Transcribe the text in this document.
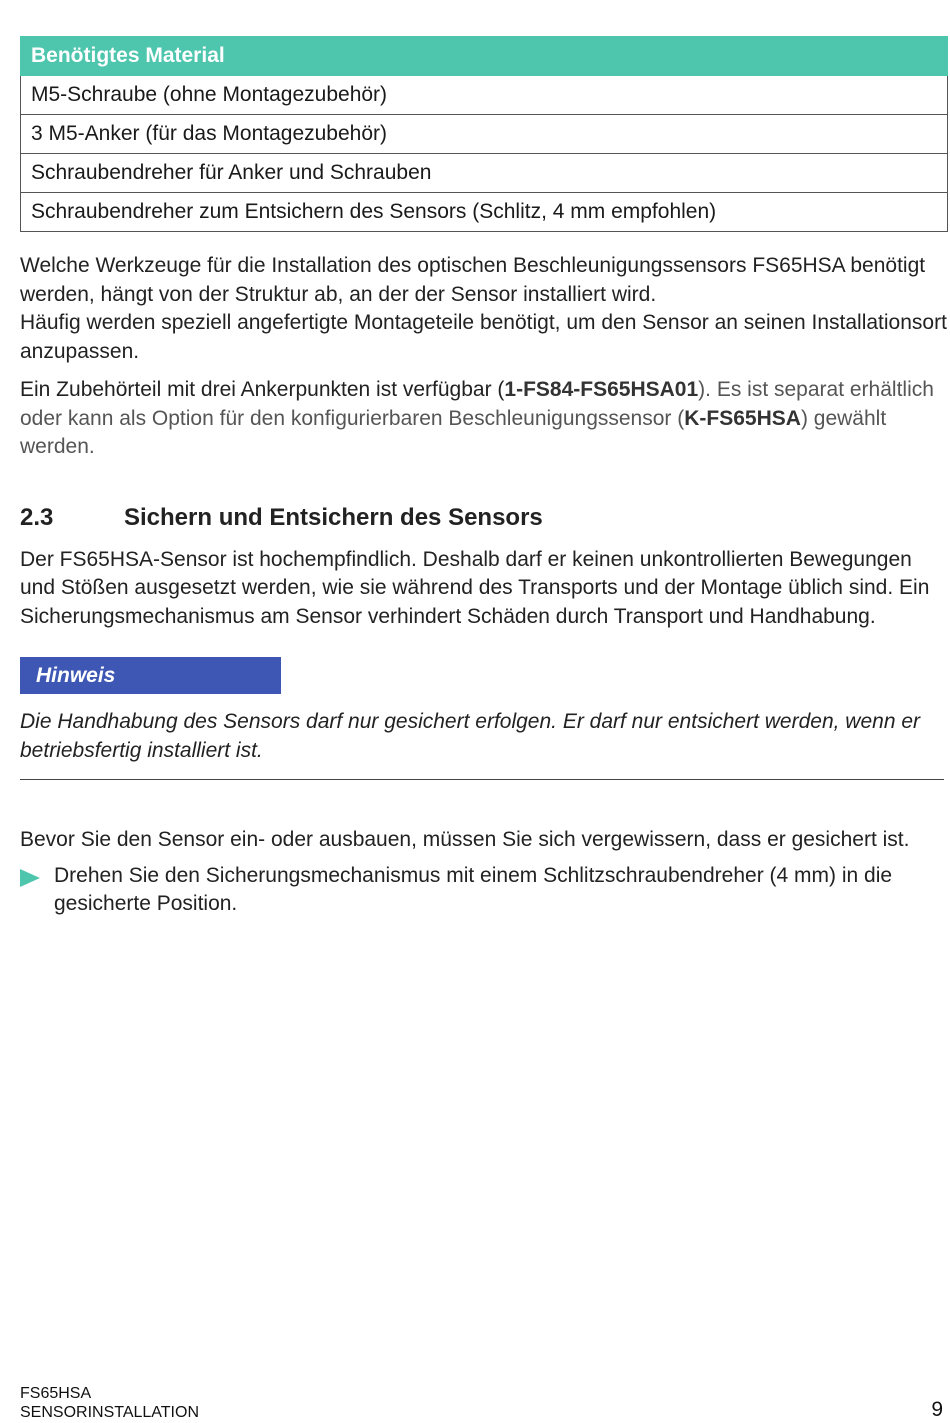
Benötigtes Material
M5-Schraube (ohne Montagezubehör)
3 M5-Anker (für das Montagezubehör)
Schraubendreher für Anker und Schrauben
Schraubendreher zum Entsichern des Sensors (Schlitz, 4 mm empfohlen)

Welche Werkzeuge für die Installation des optischen Beschleunigungssensors FS65HSA benötigt werden, hängt von der Struktur ab, an der der Sensor installiert wird.
Häufig werden speziell angefertigte Montageteile benötigt, um den Sensor an seinen Installationsort anzupassen.

Ein Zubehörteil mit drei Ankerpunkten ist verfügbar (1-FS84-FS65HSA01). Es ist separat erhältlich oder kann als Option für den konfigurierbaren Beschleunigungssensor (K-FS65HSA) gewählt werden.

2.3	Sichern und Entsichern des Sensors

Der FS65HSA-Sensor ist hochempfindlich. Deshalb darf er keinen unkontrollierten Bewegungen und Stößen ausgesetzt werden, wie sie während des Transports und der Montage üblich sind. Ein Sicherungsmechanismus am Sensor verhindert Schäden durch Transport und Handhabung.

Hinweis

Die Handhabung des Sensors darf nur gesichert erfolgen. Er darf nur entsichert werden, wenn er betriebsfertig installiert ist.

Bevor Sie den Sensor ein- oder ausbauen, müssen Sie sich vergewissern, dass er gesichert ist.

Drehen Sie den Sicherungsmechanismus mit einem Schlitzschraubendreher (4 mm) in die gesicherte Position.

FS65HSA
SENSORINSTALLATION	9
